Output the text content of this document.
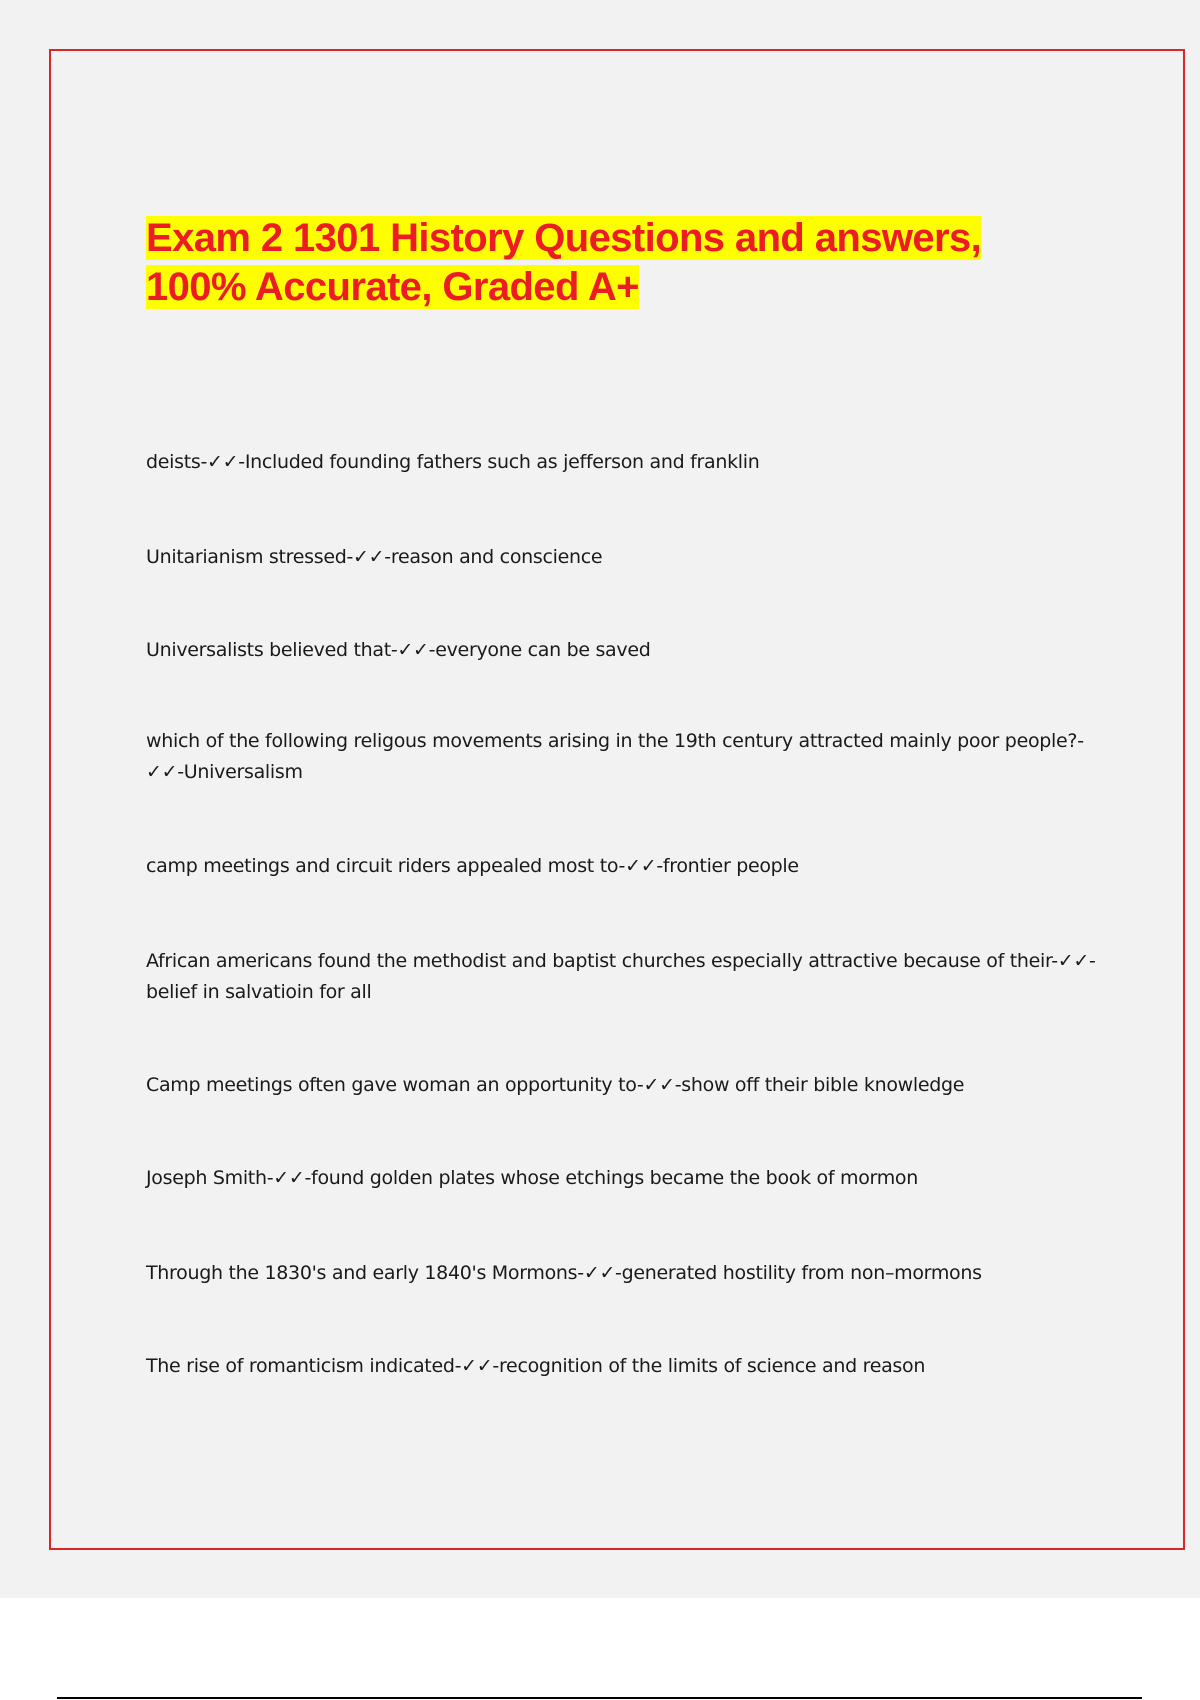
Exam 2 1301 History Questions and answers, 100% Accurate, Graded A+
deists-✓✓-Included founding fathers such as jefferson and franklin
Unitarianism stressed-✓✓-reason and conscience
Universalists believed that-✓✓-everyone can be saved
which of the following religous movements arising in the 19th century attracted mainly poor people?-✓✓-Universalism
camp meetings and circuit riders appealed most to-✓✓-frontier people
African americans found the methodist and baptist churches especially attractive because of their-✓✓-belief in salvatioin for all
Camp meetings often gave woman an opportunity to-✓✓-show off their bible knowledge
Joseph Smith-✓✓-found golden plates whose etchings became the book of mormon
Through the 1830's and early 1840's Mormons-✓✓-generated hostility from non–mormons
The rise of romanticism indicated-✓✓-recognition of the limits of science and reason
